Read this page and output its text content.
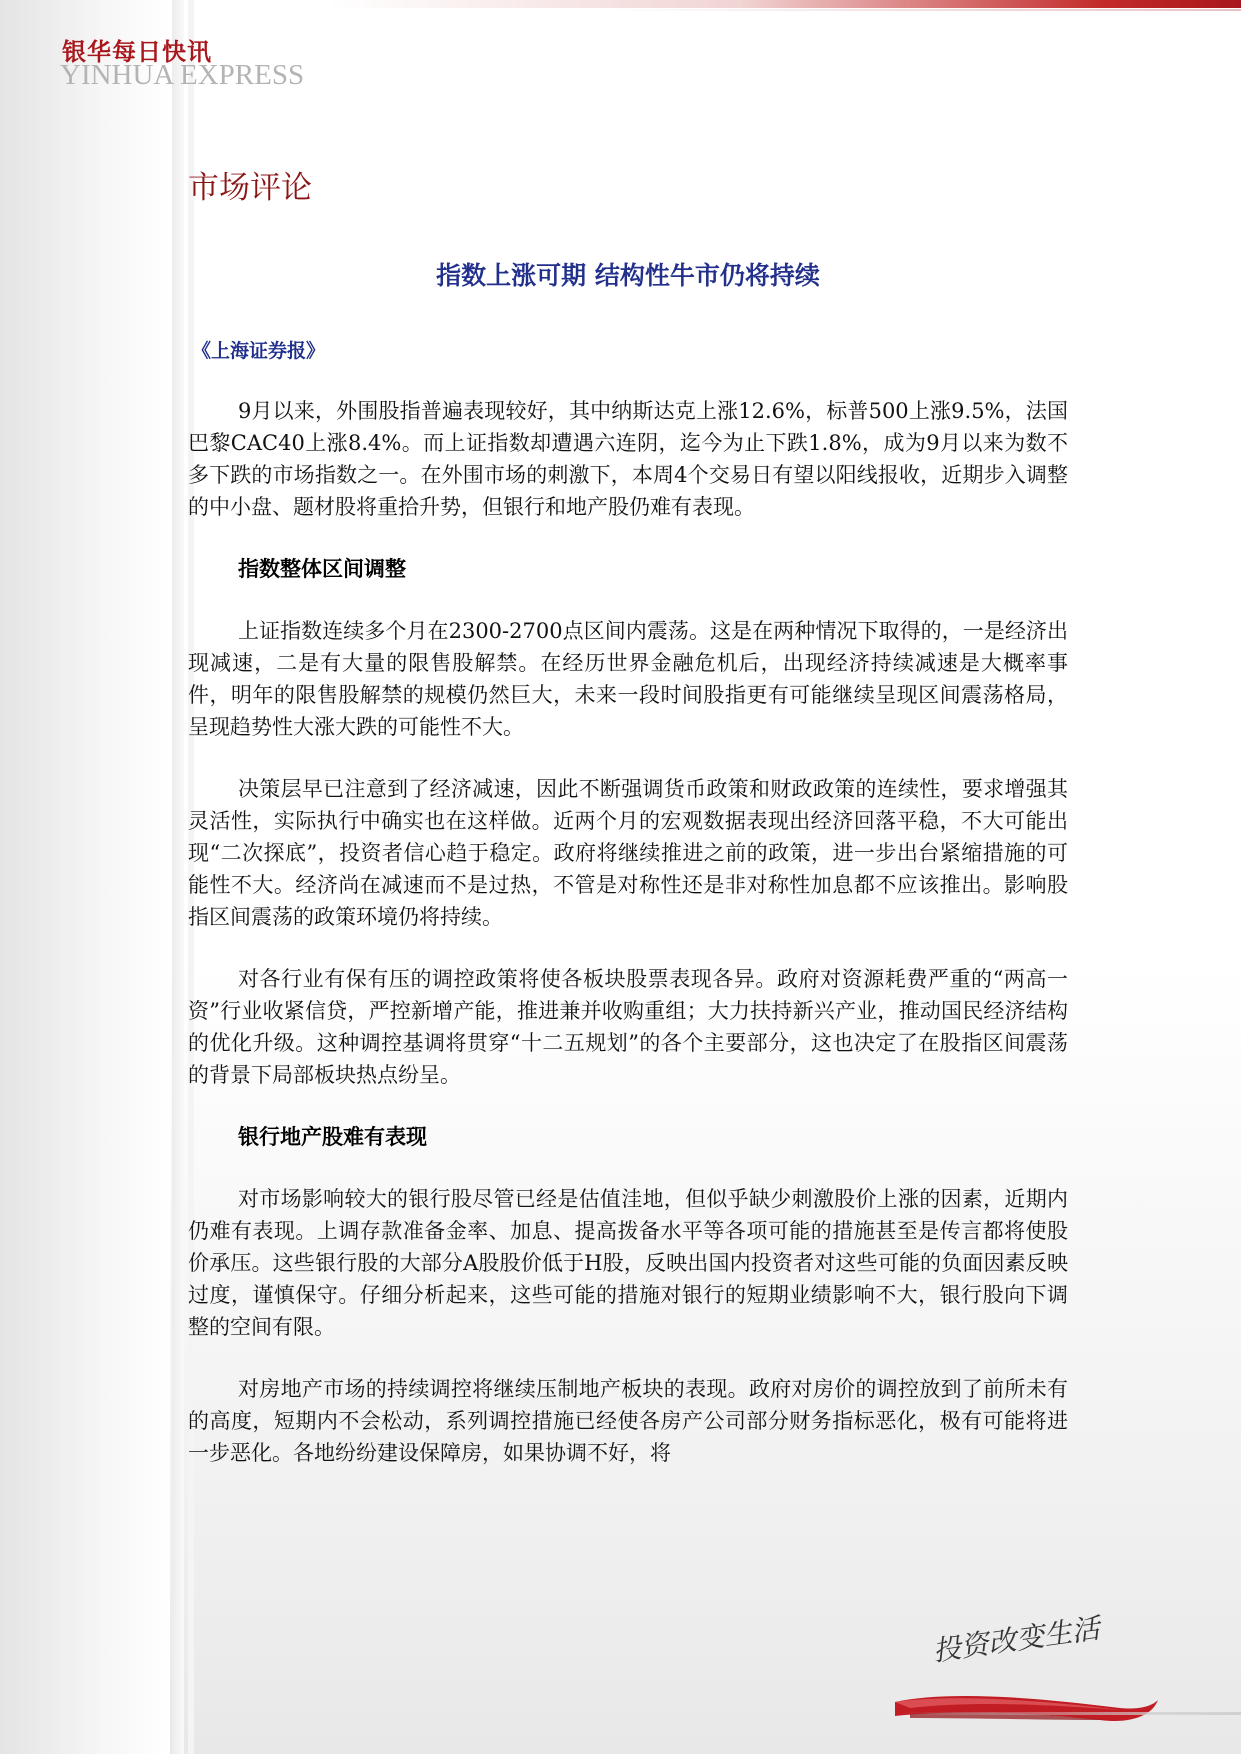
银华每日快讯
YINHUA EXPRESS
市场评论
指数上涨可期 结构性牛市仍将持续
《上海证券报》
9月以来，外围股指普遍表现较好，其中纳斯达克上涨12.6%，标普500上涨9.5%，法国巴黎CAC40上涨8.4%。而上证指数却遭遇六连阴，迄今为止下跌1.8%，成为9月以来为数不多下跌的市场指数之一。在外围市场的刺激下，本周4个交易日有望以阳线报收，近期步入调整的中小盘、题材股将重拾升势，但银行和地产股仍难有表现。
指数整体区间调整
上证指数连续多个月在2300-2700点区间内震荡。这是在两种情况下取得的，一是经济出现减速，二是有大量的限售股解禁。在经历世界金融危机后，出现经济持续减速是大概率事件，明年的限售股解禁的规模仍然巨大，未来一段时间股指更有可能继续呈现区间震荡格局，呈现趋势性大涨大跌的可能性不大。
决策层早已注意到了经济减速，因此不断强调货币政策和财政政策的连续性，要求增强其灵活性，实际执行中确实也在这样做。近两个月的宏观数据表现出经济回落平稳，不大可能出现“二次探底”，投资者信心趋于稳定。政府将继续推进之前的政策，进一步出台紧缩措施的可能性不大。经济尚在减速而不是过热，不管是对称性还是非对称性加息都不应该推出。影响股指区间震荡的政策环境仍将持续。
对各行业有保有压的调控政策将使各板块股票表现各异。政府对资源耗费严重的“两高一资”行业收紧信贷，严控新增产能，推进兼并收购重组；大力扶持新兴产业，推动国民经济结构的优化升级。这种调控基调将贯穿“十二五规划”的各个主要部分，这也决定了在股指区间震荡的背景下局部板块热点纷呈。
银行地产股难有表现
对市场影响较大的银行股尽管已经是估值洼地，但似乎缺少刺激股价上涨的因素，近期内仍难有表现。上调存款准备金率、加息、提高拨备水平等各项可能的措施甚至是传言都将使股价承压。这些银行股的大部分A股股价低于H股，反映出国内投资者对这些可能的负面因素反映过度，谨慎保守。仔细分析起来，这些可能的措施对银行的短期业绩影响不大，银行股向下调整的空间有限。
对房地产市场的持续调控将继续压制地产板块的表现。政府对房价的调控放到了前所未有的高度，短期内不会松动，系列调控措施已经使各房产公司部分财务指标恶化，极有可能将进一步恶化。各地纷纷建设保障房，如果协调不好，将
投资改变生活
